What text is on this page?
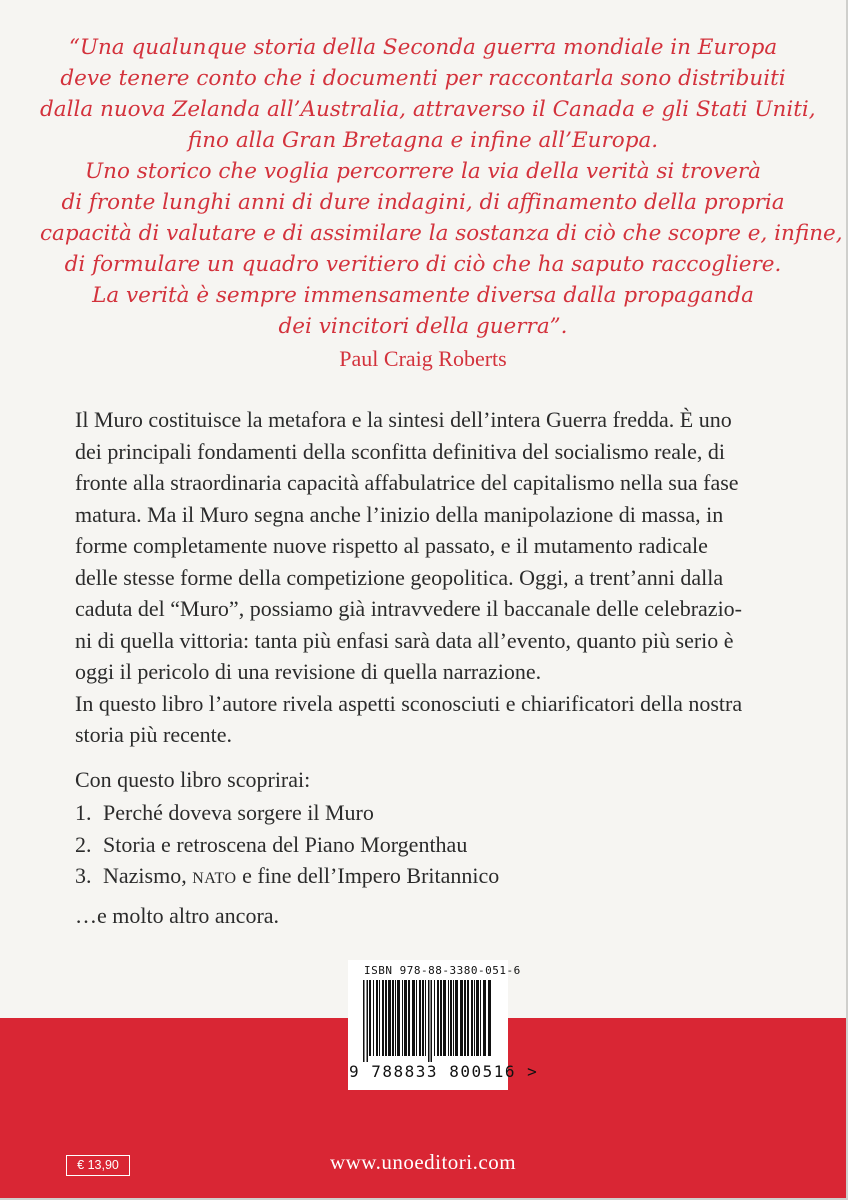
“Una qualunque storia della Seconda guerra mondiale in Europa
deve tenere conto che i documenti per raccontarla sono distribuiti
dalla nuova Zelanda all’Australia, attraverso il Canada e gli Stati Uniti,
fino alla Gran Bretagna e infine all’Europa.
Uno storico che voglia percorrere la via della verità si troverà
di fronte lunghi anni di dure indagini, di affinamento della propria
capacità di valutare e di assimilare la sostanza di ciò che scopre e, infine,
di formulare un quadro veritiero di ciò che ha saputo raccogliere.
La verità è sempre immensamente diversa dalla propaganda
dei vincitori della guerra”.
Paul Craig Roberts
Il Muro costituisce la metafora e la sintesi dell’intera Guerra fredda. È uno
dei principali fondamenti della sconfitta definitiva del socialismo reale, di
fronte alla straordinaria capacità affabulatrice del capitalismo nella sua fase
matura. Ma il Muro segna anche l’inizio della manipolazione di massa, in
forme completamente nuove rispetto al passato, e il mutamento radicale
delle stesse forme della competizione geopolitica. Oggi, a trent’anni dalla
caduta del “Muro”, possiamo già intravvedere il baccanale delle celebrazio-
ni di quella vittoria: tanta più enfasi sarà data all’evento, quanto più serio è
oggi il pericolo di una revisione di quella narrazione.
In questo libro l’autore rivela aspetti sconosciuti e chiarificatori della nostra
storia più recente.
Con questo libro scoprirai:
1. Perché doveva sorgere il Muro
2. Storia e retroscena del Piano Morgenthau
3. Nazismo, NATO e fine dell’Impero Britannico
…e molto altro ancora.
ISBN 978-88-3380-051-6
9 788833 800516 >
€ 13,90	www.unoeditori.com
